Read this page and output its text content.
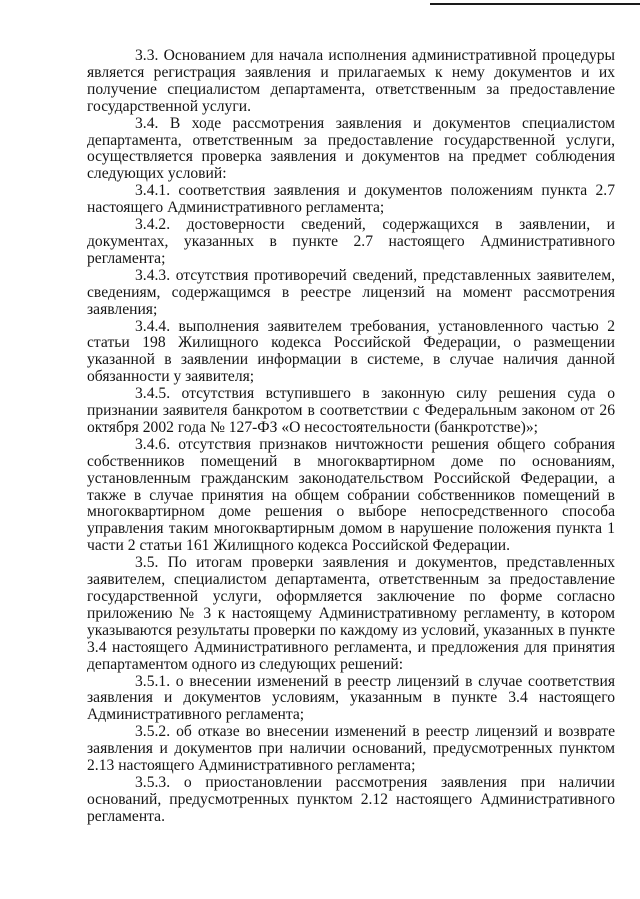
3.3. Основанием для начала исполнения административной процедуры является регистрация заявления и прилагаемых к нему документов и их получение специалистом департамента, ответственным за предоставление государственной услуги.

3.4. В ходе рассмотрения заявления и документов специалистом департамента, ответственным за предоставление государственной услуги, осуществляется проверка заявления и документов на предмет соблюдения следующих условий:

3.4.1. соответствия заявления и документов положениям пункта 2.7 настоящего Административного регламента;

3.4.2. достоверности сведений, содержащихся в заявлении, и документах, указанных в пункте 2.7 настоящего Административного регламента;

3.4.3. отсутствия противоречий сведений, представленных заявителем, сведениям, содержащимся в реестре лицензий на момент рассмотрения заявления;

3.4.4. выполнения заявителем требования, установленного частью 2 статьи 198 Жилищного кодекса Российской Федерации, о размещении указанной в заявлении информации в системе, в случае наличия данной обязанности у заявителя;

3.4.5. отсутствия вступившего в законную силу решения суда о признании заявителя банкротом в соответствии с Федеральным законом от 26 октября 2002 года № 127-ФЗ «О несостоятельности (банкротстве)»;

3.4.6. отсутствия признаков ничтожности решения общего собрания собственников помещений в многоквартирном доме по основаниям, установленным гражданским законодательством Российской Федерации, а также в случае принятия на общем собрании собственников помещений в многоквартирном доме решения о выборе непосредственного способа управления таким многоквартирным домом в нарушение положения пункта 1 части 2 статьи 161 Жилищного кодекса Российской Федерации.

3.5. По итогам проверки заявления и документов, представленных заявителем, специалистом департамента, ответственным за предоставление государственной услуги, оформляется заключение по форме согласно приложению № 3 к настоящему Административному регламенту, в котором указываются результаты проверки по каждому из условий, указанных в пункте 3.4 настоящего Административного регламента, и предложения для принятия департаментом одного из следующих решений:

3.5.1. о внесении изменений в реестр лицензий в случае соответствия заявления и документов условиям, указанным в пункте 3.4 настоящего Административного регламента;

3.5.2. об отказе во внесении изменений в реестр лицензий и возврате заявления и документов при наличии оснований, предусмотренных пунктом 2.13 настоящего Административного регламента;

3.5.3. о приостановлении рассмотрения заявления при наличии оснований, предусмотренных пунктом 2.12 настоящего Административного регламента.
